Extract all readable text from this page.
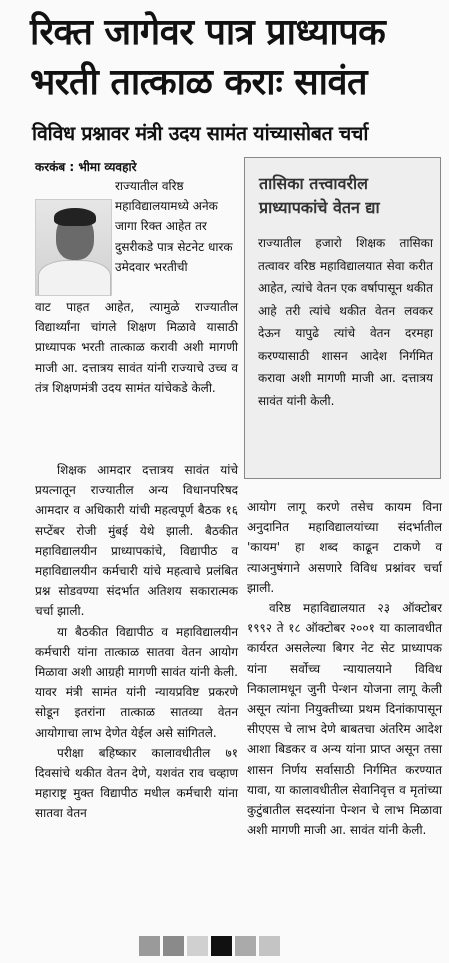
रिक्त जागेवर पात्र प्राध्यापक
भरती तात्काळ कराः सावंत
विविध प्रश्नावर मंत्री उदय सामंत यांच्यासोबत चर्चा
करकंब : भीमा व्यवहारे

राज्यातील वरिष्ठ महाविद्यालयामध्ये अनेक जागा रिक्त आहेत तर दुसरीकडे पात्र सेटनेट धारक उमेदवार भरतीची

वाट पाहत आहेत, त्यामुळे राज्यातील विद्यार्थ्यांना चांगले शिक्षण मिळावे यासाठी प्राध्यापक भरती तात्काळ करावी अशी मागणी माजी आ. दत्तात्रय सावंत यांनी राज्याचे उच्च व तंत्र शिक्षणमंत्री उदय सामंत यांचेकडे केली.

शिक्षक आमदार दत्तात्रय सावंत यांचे प्रयत्नातून राज्यातील अन्य विधानपरिषद आमदार व अधिकारी यांची महत्वपूर्ण बैठक १६ सप्टेंबर रोजी मुंबई येथे झाली. बैठकीत महाविद्यालयीन प्राध्यापकांचे, विद्यापीठ व महाविद्यालयीन कर्मचारी यांचे महत्वाचे प्रलंबित प्रश्न सोडवण्या संदर्भात अतिशय सकारात्मक चर्चा झाली.

या बैठकीत विद्यापीठ व महाविद्यालयीन कर्मचारी यांना तात्काळ सातवा वेतन आयोग मिळावा अशी आग्रही मागणी सावंत यांनी केली. यावर मंत्री सामंत यांनी न्यायप्रविष्ट प्रकरणे सोडून इतरांना तात्काळ सातव्या वेतन आयोगाचा लाभ देणेत येईल असे सांगितले.

परीक्षा बहिष्कार कालावधीतील ७१ दिवसांचे थकीत वेतन देणे, यशवंत राव चव्हाण महाराष्ट्र मुक्त विद्यापीठ मधील कर्मचारी यांना सातवा वेतन

तासिका तत्त्वावरील प्राध्यापकांचे वेतन द्या
राज्यातील हजारो शिक्षक तासिका तत्वावर वरिष्ठ महाविद्यालयात सेवा करीत आहेत, त्यांचे वेतन एक वर्षापासून थकीत आहे तरी त्यांचे थकीत वेतन लवकर देऊन यापुढे त्यांचे वेतन दरमहा करण्यासाठी शासन आदेश निर्गमित करावा अशी मागणी माजी आ. दत्तात्रय सावंत यांनी केली.

आयोग लागू करणे तसेच कायम विना अनुदानित महाविद्यालयांच्या संदर्भातील 'कायम' हा शब्द काढून टाकणे व त्याअनुषंगाने असणारे विविध प्रश्नांवर चर्चा झाली.

वरिष्ठ महाविद्यालयात २३ ऑक्टोबर १९९२ ते १८ ऑक्टोबर २००१ या कालावधीत कार्यरत असलेल्या बिगर नेट सेट प्राध्यापक यांना सर्वोच्च न्यायालयाने विविध निकालामधून जुनी पेन्शन योजना लागू केली असून त्यांना नियुक्तीच्या प्रथम दिनांकापासून सीएएस चे लाभ देणे बाबतचा अंतरिम आदेश आशा बिडकर व अन्य यांना प्राप्त असून तसा शासन निर्णय सर्वासाठी निर्गमित करण्यात यावा, या कालावधीतील सेवानिवृत्त व मृतांच्या कुटुंबातील सदस्यांना पेन्शन चे लाभ मिळावा अशी मागणी माजी आ. सावंत यांनी केली.
